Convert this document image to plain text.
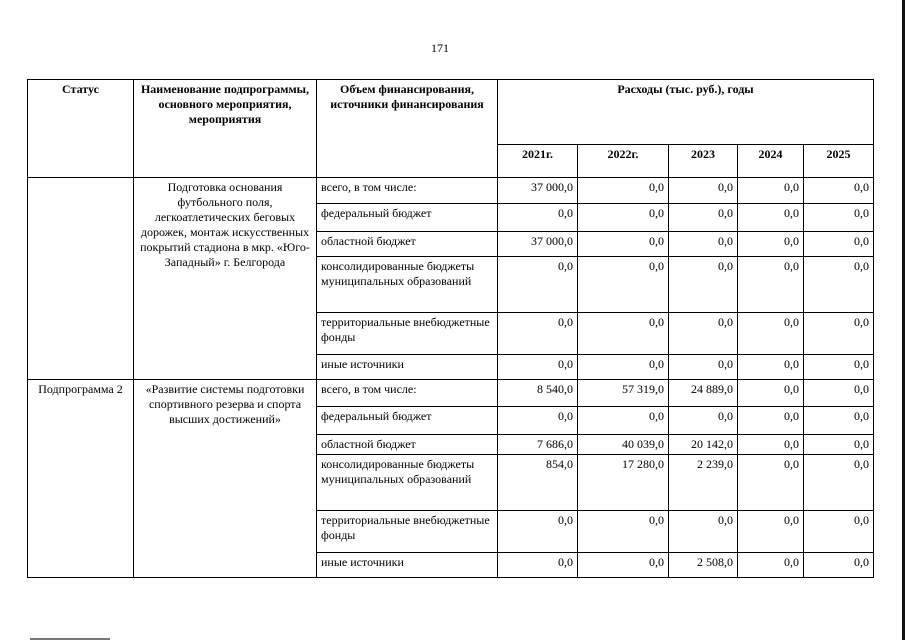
171
Статус	Наименование подпрограммы, основного мероприятия, мероприятия	Объем финансирования, источники финансирования	Расходы (тыс. руб.), годы				
			2021г.	2022г.	2023	2024	2025
	Подготовка основания футбольного поля, легкоатлетических беговых дорожек, монтаж искусственных покрытий стадиона в мкр. «Юго-Западный» г. Белгорода	всего, в том числе:	37 000,0	0,0	0,0	0,0	0,0
		федеральный бюджет	0,0	0,0	0,0	0,0	0,0
		областной бюджет	37 000,0	0,0	0,0	0,0	0,0
		консолидированные бюджеты муниципальных образований	0,0	0,0	0,0	0,0	0,0
		территориальные внебюджетные фонды	0,0	0,0	0,0	0,0	0,0
		иные источники	0,0	0,0	0,0	0,0	0,0
Подпрограмма 2	«Развитие системы подготовки спортивного резерва и спорта высших достижений»	всего, в том числе:	8 540,0	57 319,0	24 889,0	0,0	0,0
		федеральный бюджет	0,0	0,0	0,0	0,0	0,0
		областной бюджет	7 686,0	40 039,0	20 142,0	0,0	0,0
		консолидированные бюджеты муниципальных образований	854,0	17 280,0	2 239,0	0,0	0,0
		территориальные внебюджетные фонды	0,0	0,0	0,0	0,0	0,0
		иные источники	0,0	0,0	2 508,0	0,0	0,0
